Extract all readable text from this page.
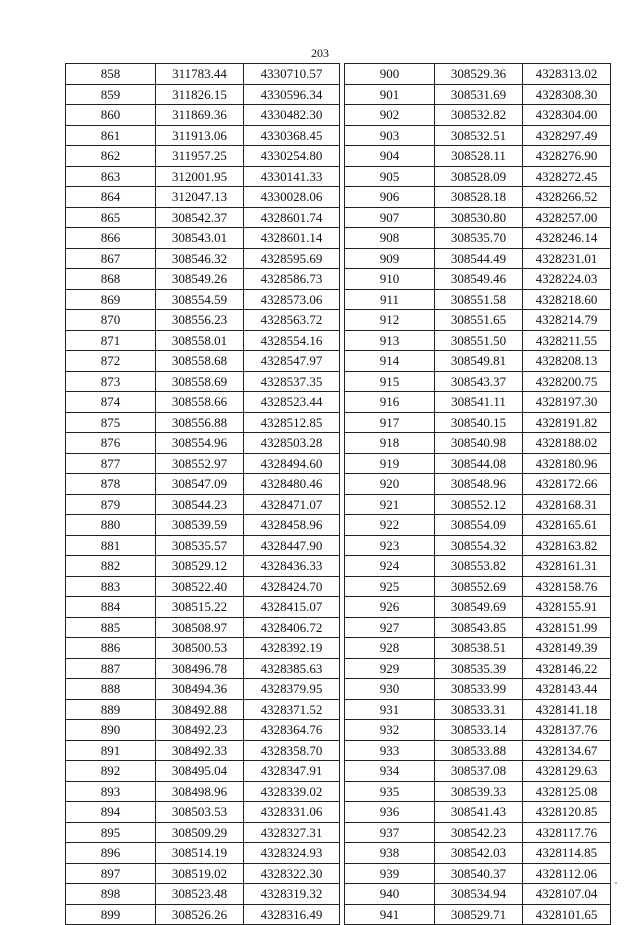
203
858	311783.44	4330710.57		900	308529.36	4328313.02
859	311826.15	4330596.34		901	308531.69	4328308.30
860	311869.36	4330482.30		902	308532.82	4328304.00
861	311913.06	4330368.45		903	308532.51	4328297.49
862	311957.25	4330254.80		904	308528.11	4328276.90
863	312001.95	4330141.33		905	308528.09	4328272.45
864	312047.13	4330028.06		906	308528.18	4328266.52
865	308542.37	4328601.74		907	308530.80	4328257.00
866	308543.01	4328601.14		908	308535.70	4328246.14
867	308546.32	4328595.69		909	308544.49	4328231.01
868	308549.26	4328586.73		910	308549.46	4328224.03
869	308554.59	4328573.06		911	308551.58	4328218.60
870	308556.23	4328563.72		912	308551.65	4328214.79
871	308558.01	4328554.16		913	308551.50	4328211.55
872	308558.68	4328547.97		914	308549.81	4328208.13
873	308558.69	4328537.35		915	308543.37	4328200.75
874	308558.66	4328523.44		916	308541.11	4328197.30
875	308556.88	4328512.85		917	308540.15	4328191.82
876	308554.96	4328503.28		918	308540.98	4328188.02
877	308552.97	4328494.60		919	308544.08	4328180.96
878	308547.09	4328480.46		920	308548.96	4328172.66
879	308544.23	4328471.07		921	308552.12	4328168.31
880	308539.59	4328458.96		922	308554.09	4328165.61
881	308535.57	4328447.90		923	308554.32	4328163.82
882	308529.12	4328436.33		924	308553.82	4328161.31
883	308522.40	4328424.70		925	308552.69	4328158.76
884	308515.22	4328415.07		926	308549.69	4328155.91
885	308508.97	4328406.72		927	308543.85	4328151.99
886	308500.53	4328392.19		928	308538.51	4328149.39
887	308496.78	4328385.63		929	308535.39	4328146.22
888	308494.36	4328379.95		930	308533.99	4328143.44
889	308492.88	4328371.52		931	308533.31	4328141.18
890	308492.23	4328364.76		932	308533.14	4328137.76
891	308492.33	4328358.70		933	308533.88	4328134.67
892	308495.04	4328347.91		934	308537.08	4328129.63
893	308498.96	4328339.02		935	308539.33	4328125.08
894	308503.53	4328331.06		936	308541.43	4328120.85
895	308509.29	4328327.31		937	308542.23	4328117.76
896	308514.19	4328324.93		938	308542.03	4328114.85
897	308519.02	4328322.30		939	308540.37	4328112.06
898	308523.48	4328319.32		940	308534.94	4328107.04
899	308526.26	4328316.49		941	308529.71	4328101.65
